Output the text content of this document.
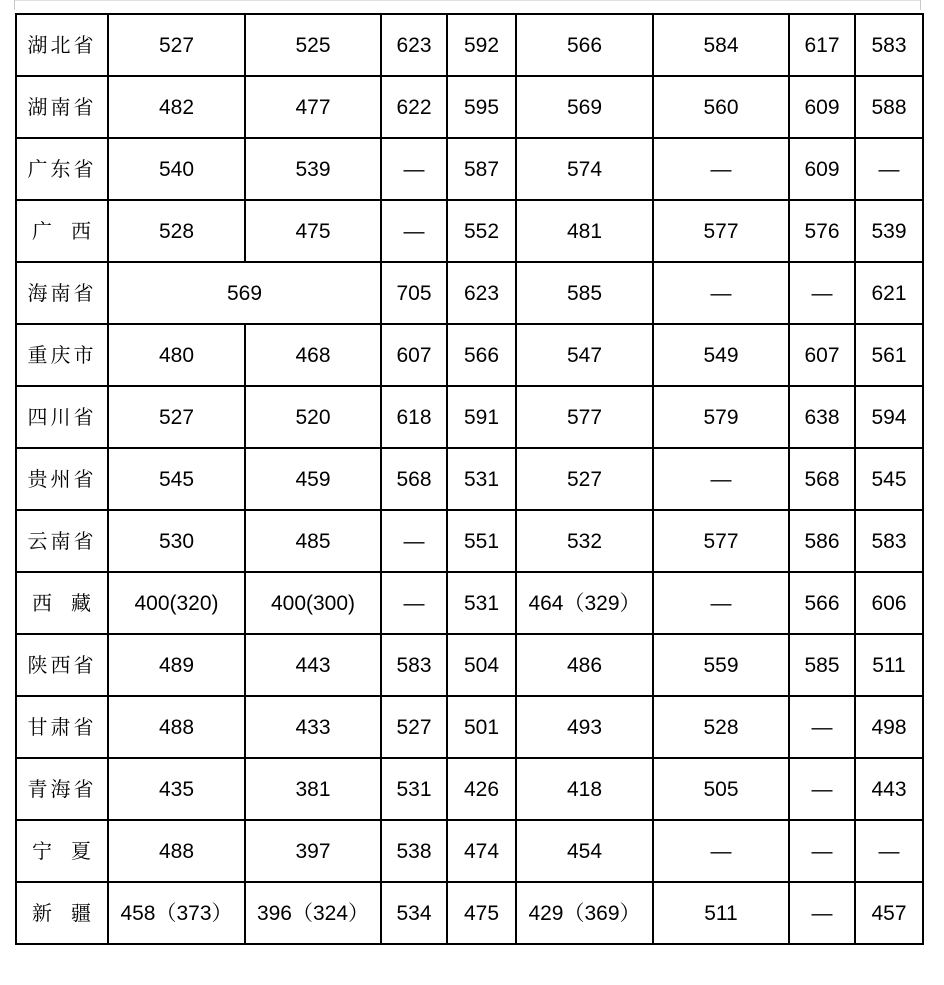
湖北省	527	525	623	592	566	584	617	583
湖南省	482	477	622	595	569	560	609	588
广东省	540	539	—	587	574	—	609	—

广 西	528	475	—	552	481	577	576	539
海南省	569		705	623	585	—	—	621
重庆市	480	468	607	566	547	549	607	561
四川省	527	520	618	591	577	579	638	594
贵州省	545	459	568	531	527	—	568	545
云南省	530	485	—	551	532	577	586	583

西 藏	400(320)	400(300)	—	531	464（329）	—	566	606
陕西省	489	443	583	504	486	559	585	511
甘肃省	488	433	527	501	493	528	—	498
青海省	435	381	531	426	418	505	—	443

宁 夏	488	397	538	474	454	—	—	—

新 疆	458（373）	396（324）	534	475	429（369）	511	—	457
